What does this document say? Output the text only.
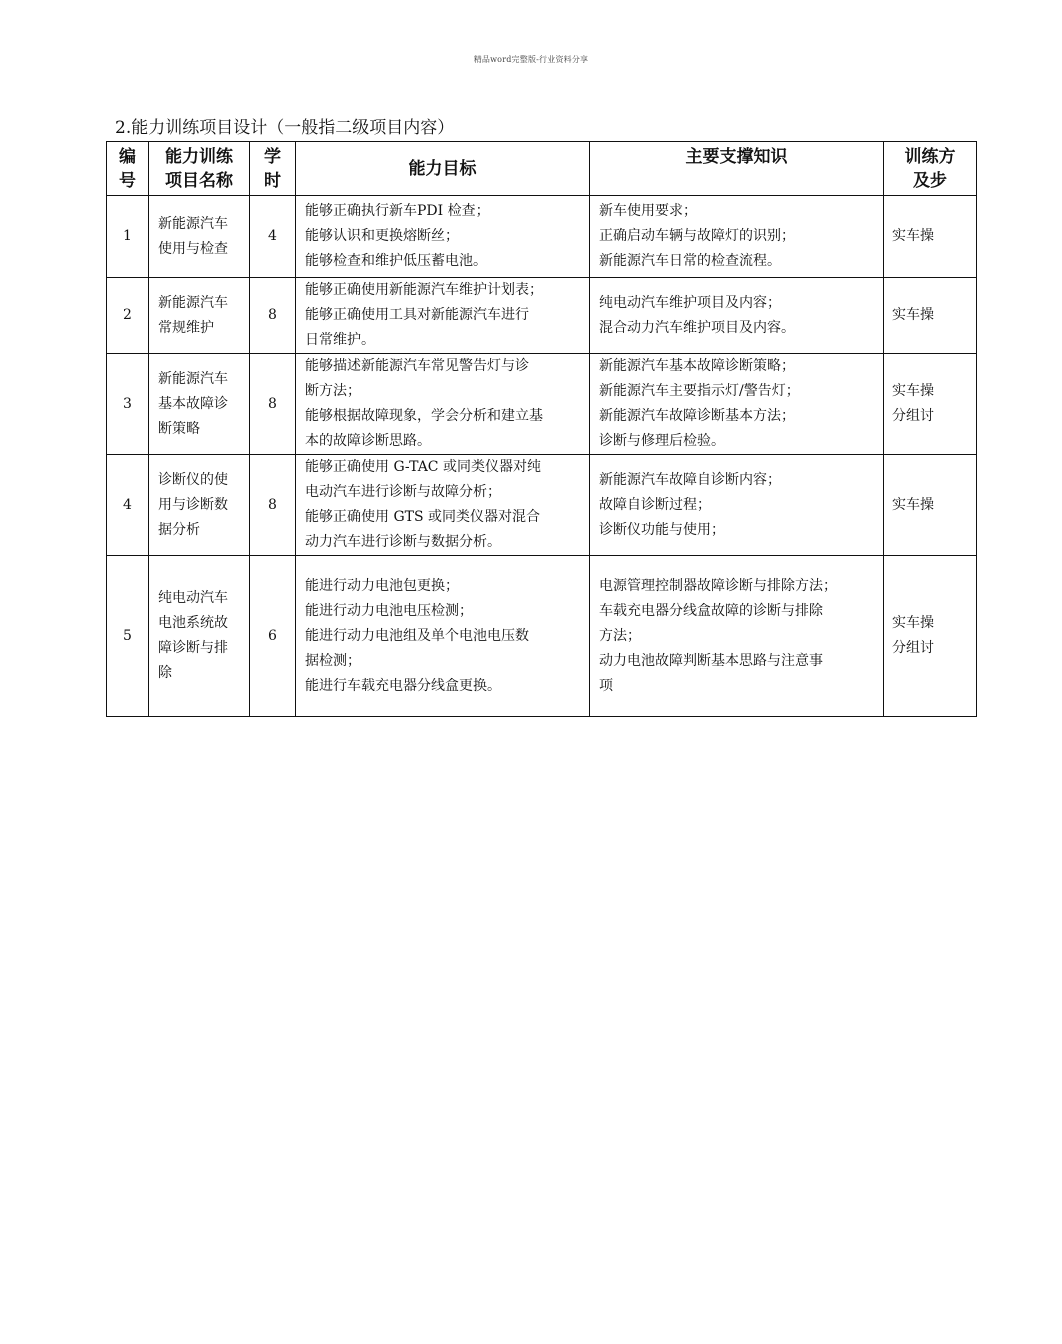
精品word完整版-行业资料分享
2.能力训练项目设计（一般指二级项目内容）
编
号	能力训练
项目名称	学
时	能力目标	主要支撑知识	训练方
及步

1	新能源汽车
使用与检查	4	能够正确执行新车PDI 检查；
能够认识和更换熔断丝；
能够检查和维护低压蓄电池。	新车使用要求；
正确启动车辆与故障灯的识别；
新能源汽车日常的检查流程。	实车操

2	新能源汽车
常规维护	8	能够正确使用新能源汽车维护计划表；
能够正确使用工具对新能源汽车进行
日常维护。	纯电动汽车维护项目及内容；
混合动力汽车维护项目及内容。	实车操

3	新能源汽车
基本故障诊
断策略	8	能够描述新能源汽车常见警告灯与诊
断方法；
能够根据故障现象，学会分析和建立基
本的故障诊断思路。	新能源汽车基本故障诊断策略；
新能源汽车主要指示灯/警告灯；
新能源汽车故障诊断基本方法；
诊断与修理后检验。	实车操
分组讨

4	诊断仪的使
用与诊断数
据分析	8	能够正确使用 G-TAC 或同类仪器对纯
电动汽车进行诊断与故障分析；
能够正确使用 GTS 或同类仪器对混合
动力汽车进行诊断与数据分析。	新能源汽车故障自诊断内容；
故障自诊断过程；
诊断仪功能与使用；	实车操

5	纯电动汽车
电池系统故
障诊断与排
除	6	能进行动力电池包更换；
能进行动力电池电压检测；
能进行动力电池组及单个电池电压数
据检测；
能进行车载充电器分线盒更换。	电源管理控制器故障诊断与排除方法；
车载充电器分线盒故障的诊断与排除
方法；
动力电池故障判断基本思路与注意事
项	实车操
分组讨
